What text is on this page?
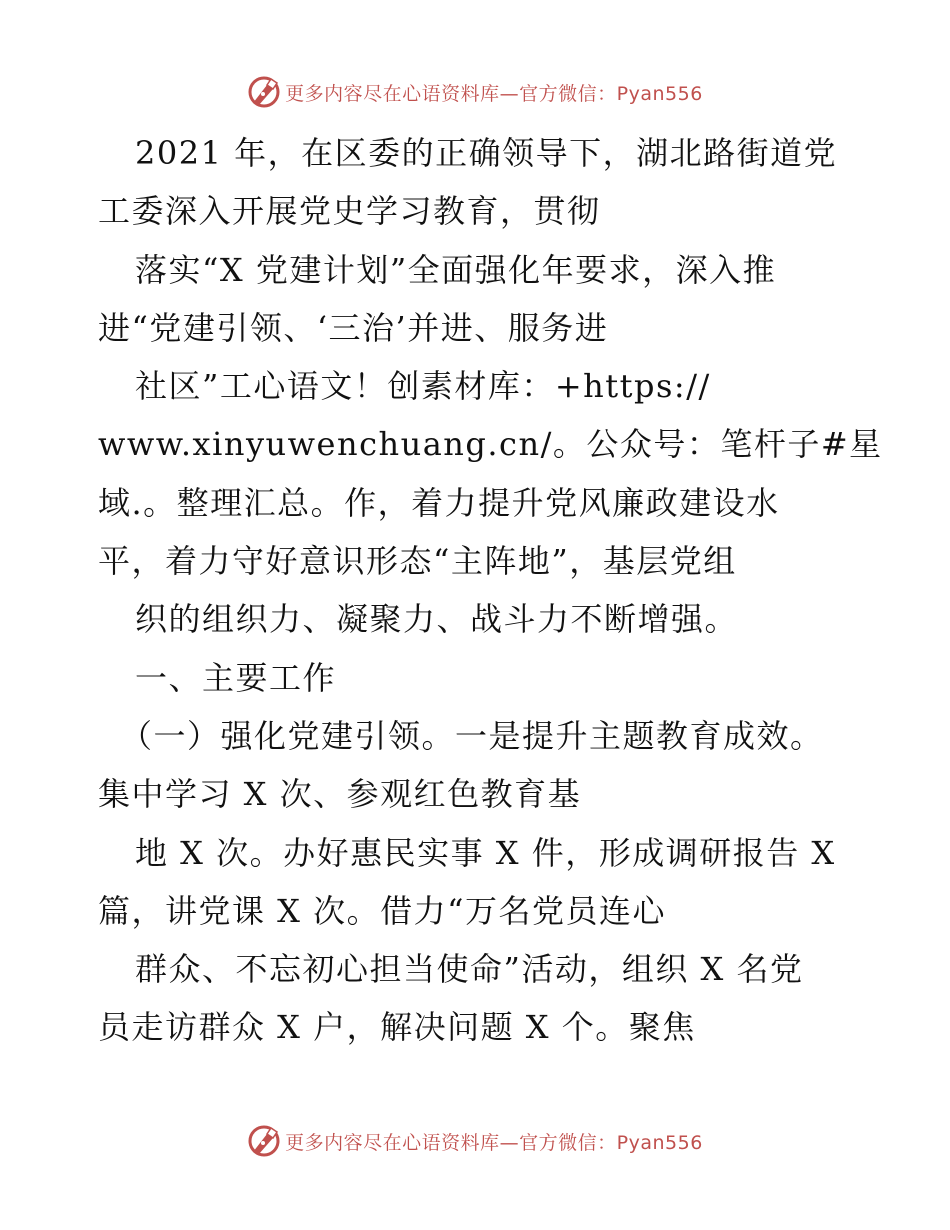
更多内容尽在心语资料库—官方微信：Pyan556
2021 年，在区委的正确领导下，湖北路街道党
工委深入开展党史学习教育，贯彻
落实“X 党建计划”全面强化年要求，深入推
进“党建引领、‘三治’并进、服务进
社区”工心语文！创素材库：+https://
www.xinyuwenchuang.cn/。公众号：笔杆子#星
域.。整理汇总。作，着力提升党风廉政建设水
平，着力守好意识形态“主阵地”，基层党组
织的组织力、凝聚力、战斗力不断增强。
一、主要工作
（一）强化党建引领。一是提升主题教育成效。
集中学习 X 次、参观红色教育基
地 X 次。办好惠民实事 X 件，形成调研报告 X
篇，讲党课 X 次。借力“万名党员连心
群众、不忘初心担当使命”活动，组织 X 名党
员走访群众 X 户，解决问题 X 个。聚焦
更多内容尽在心语资料库—官方微信：Pyan556
